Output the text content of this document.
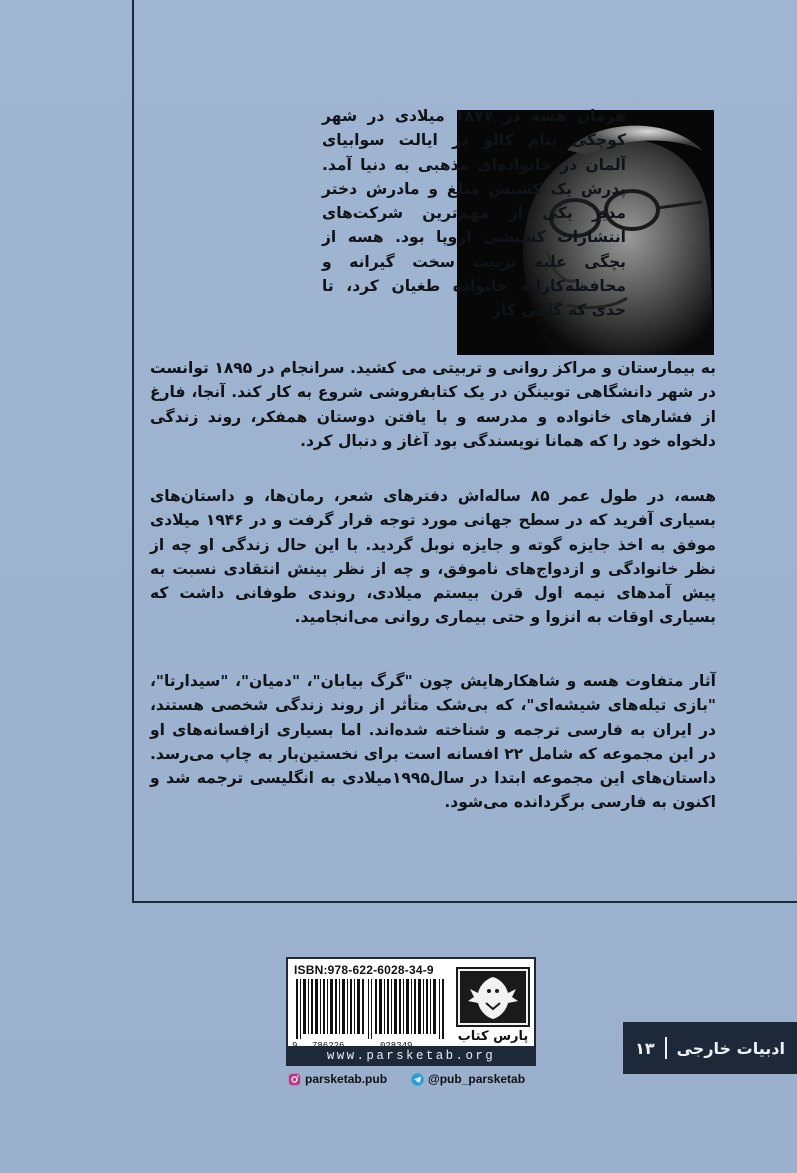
هرمان هسه در ۱۸۷۷ میلادی در شهر کوچکی بنام کالو در ایالت سوابیای آلمان در خانواده‌ای مذهبی به دنیا آمد. پدرش یک کشیش مبلغ و مادرش دختر مدیر یکی از مهم‌ترین شرکت‌های انتشارات کشیشی اروپا بود. هسه از بچگی علیه تربیت سخت گیرانه و محافظه‌کارانه خانواده طغیان کرد، تا حدی که گاهی کار

به بیمارستان و مراکز روانی و تربیتی می کشید. سرانجام در ۱۸۹۵ توانست در شهر دانشگاهی توبینگن در یک کتابفروشی شروع به کار کند. آنجا، فارغ از فشارهای خانواده و مدرسه و با یافتن دوستان همفکر، روند زندگی دلخواه خود را که همانا نویسندگی بود آغاز و دنبال کرد.

هسه، در طول عمر ۸۵ ساله‌اش دفترهای شعر، رمان‌ها، و داستان‌های بسیاری آفرید که در سطح جهانی مورد توجه قرار گرفت و در ۱۹۴۶ میلادی موفق به اخذ جایزه گوته و جایزه نوبل گردید. با این حال زندگی او چه از نظر خانوادگی و ازدواج‌های ناموفق، و چه از نظر بینش انتقادی نسبت به پیش آمدهای نیمه اول قرن بیستم میلادی، روندی طوفانی داشت که بسیاری اوقات به انزوا و حتی بیماری روانی می‌انجامید.

آثار متفاوت هسه و شاهکارهایش چون "گرگ بیابان"، "دمیان"، "سیدارتا"، "بازی تیله‌های شیشه‌ای"، که بی‌شک متأثر از روند زندگی شخصی هستند، در ایران به فارسی ترجمه و شناخته شده‌اند. اما بسیاری ازافسانه‌های او در این مجموعه که شامل ۲۲ افسانه است برای نخستین‌بار به چاپ می‌رسد. داستان‌های این مجموعه ابتدا در سال۱۹۹۵میلادی به انگلیسی ترجمه شد و اکنون به فارسی برگردانده می‌شود.

ISBN:978-622-6028-34-9
پارس کتاب
www.parsketab.org
parsketab.pub	@pub_parsketab
ادبیات خارجی
۱۳
